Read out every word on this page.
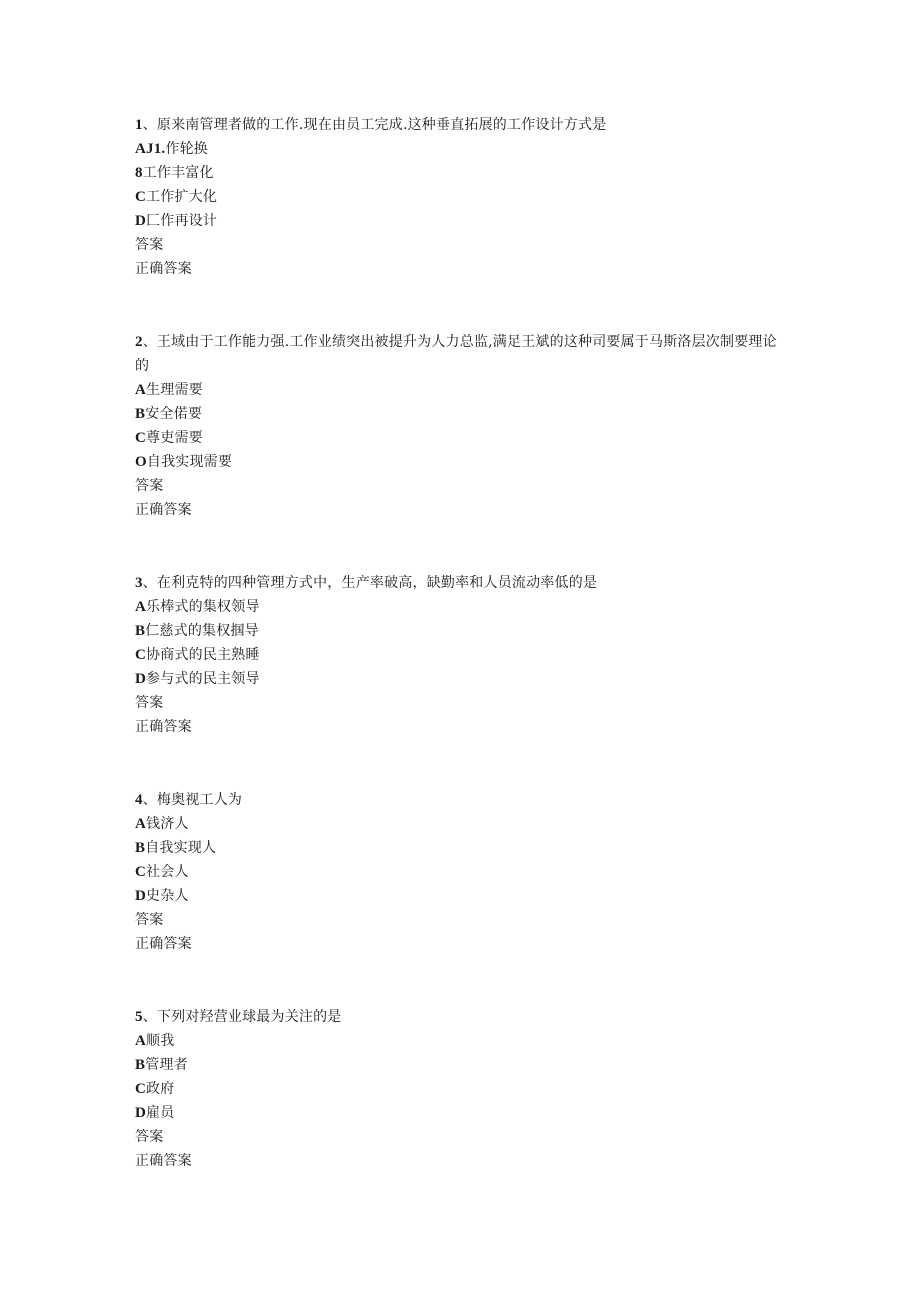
1、原来南管理者做的工作.现在由员工完成.这种垂直拓展的工作设计方式是
AJ1.作轮换
8工作丰富化
C工作扩大化
D匚作再设计
答案
正确答案
2、王域由于工作能力强.工作业绩突出被提升为人力总监,满足王斌的这种司要属于马斯洛层次制要理论的
A生理需要
B安全偌要
C尊吏需要
O自我实现需要
答案
正确答案
3、在利克特的四种管理方式中，生产率破高，缺勤率和人员流动率低的是
A乐棒式的集权领导
B仁慈式的集权掴导
C协商式的民主熟睡
D参与式的民主领导
答案
正确答案
4、梅奥视工人为
A钱济人
B自我实现人
C社会人
D史杂人
答案
正确答案
5、下列对羟营业球最为关注的是
A顺我
B管理者
C政府
D雇员
答案
正确答案
